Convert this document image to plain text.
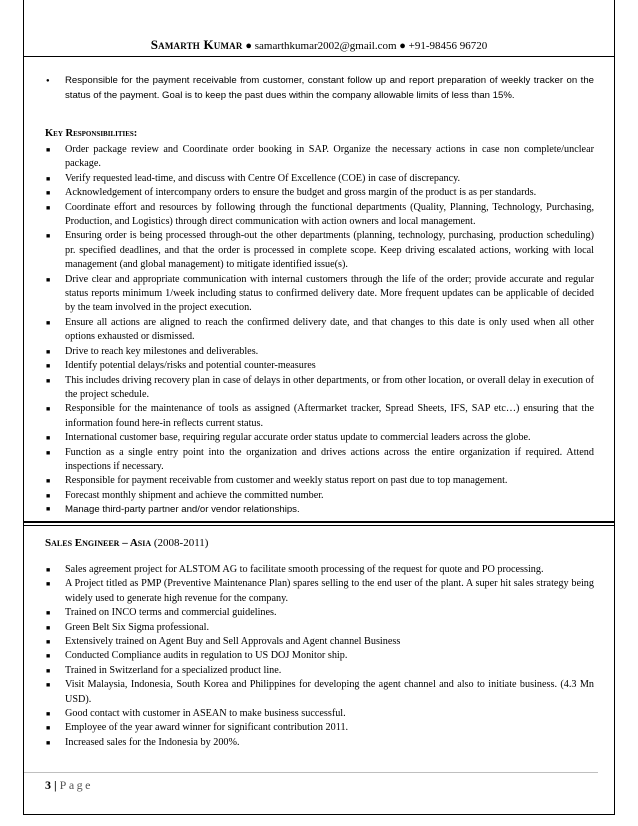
Samarth Kumar ● samarthkumar2002@gmail.com ● +91-98456 96720
● Responsible for the payment receivable from customer, constant follow up and report preparation of weekly tracker on the status of the payment. Goal is to keep the past dues within the company allowable limits of less than 15%.
Key Responsibilities:
■ Order package review and Coordinate order booking in SAP. Organize the necessary actions in case non complete/unclear package.
■ Verify requested lead-time, and discuss with Centre Of Excellence (COE) in case of discrepancy.
■ Acknowledgement of intercompany orders to ensure the budget and gross margin of the product is as per standards.
■ Coordinate effort and resources by following through the functional departments (Quality, Planning, Technology, Purchasing, Production, and Logistics) through direct communication with action owners and local management.
■ Ensuring order is being processed through-out the other departments (planning, technology, purchasing, production scheduling) pr. specified deadlines, and that the order is processed in complete scope. Keep driving escalated actions, working with local management (and global management) to mitigate identified issue(s).
■ Drive clear and appropriate communication with internal customers through the life of the order; provide accurate and regular status reports minimum 1/week including status to confirmed delivery date. More frequent updates can be applicable of decided by the team involved in the project execution.
■ Ensure all actions are aligned to reach the confirmed delivery date, and that changes to this date is only used when all other options exhausted or dismissed.
■ Drive to reach key milestones and deliverables.
■ Identify potential delays/risks and potential counter-measures
■ This includes driving recovery plan in case of delays in other departments, or from other location, or overall delay in execution of the project schedule.
■ Responsible for the maintenance of tools as assigned (Aftermarket tracker, Spread Sheets, IFS, SAP etc…) ensuring that the information found here-in reflects current status.
■ International customer base, requiring regular accurate order status update to commercial leaders across the globe.
■ Function as a single entry point into the organization and drives actions across the entire organization if required. Attend inspections if necessary.
■ Responsible for payment receivable from customer and weekly status report on past due to top management.
■ Forecast monthly shipment and achieve the committed number.
■ Manage third-party partner and/or vendor relationships.
Sales Engineer – Asia (2008-2011)
■ Sales agreement project for ALSTOM AG to facilitate smooth processing of the request for quote and PO processing.
■ A Project titled as PMP (Preventive Maintenance Plan) spares selling to the end user of the plant. A super hit sales strategy being widely used to generate high revenue for the company.
■ Trained on INCO terms and commercial guidelines.
■ Green Belt Six Sigma professional.
■ Extensively trained on Agent Buy and Sell Approvals and Agent channel Business
■ Conducted Compliance audits in regulation to US DOJ Monitor ship.
■ Trained in Switzerland for a specialized product line.
■ Visit Malaysia, Indonesia, South Korea and Philippines for developing the agent channel and also to initiate business. (4.3 Mn USD).
■ Good contact with customer in ASEAN to make business successful.
■ Employee of the year award winner for significant contribution 2011.
■ Increased sales for the Indonesia by 200%.
3 | Page
